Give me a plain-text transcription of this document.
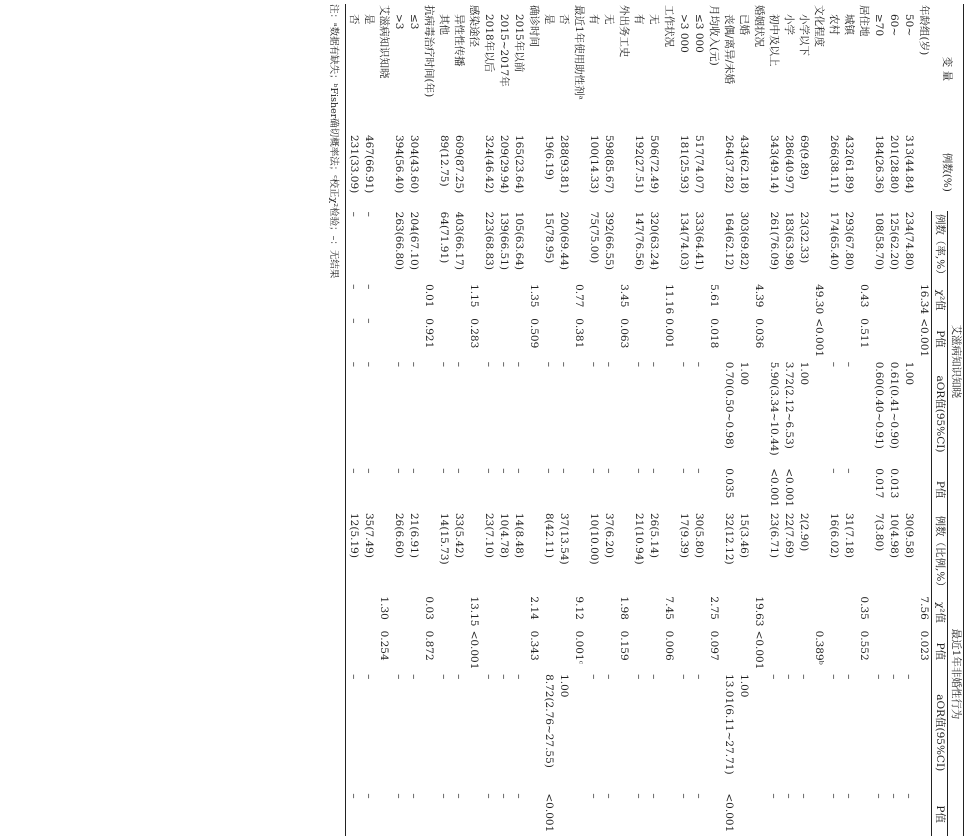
变 量	例数(%)	艾滋病知识知晓					最近1年非婚性行为				
		例数（率,%）	χ²值	P值	aOR值(95%CI)	P值	例数（比例,%）	χ²值	P值	aOR值(95%CI)	P值
年龄组(岁)			16.34	<0.001				7.56	0.023		
50~	313(44.84)	234(74.80)			1.00		30(9.58)			–	–
60~	201(28.80)	125(62.20)			0.61(0.41~0.90)	0.013	10(4.98)			–	–
≥70	184(26.36)	108(58.70)			0.60(0.40~0.91)	0.017	7(3.80)			–	–
居住地			0.43	0.511				0.35	0.552		
城镇	432(61.89)	293(67.80)			–	–	31(7.18)			–	–
农村	266(38.11)	174(65.40)			–	–	16(6.02)			–	–
文化程度			49.30	<0.001					0.389ᵇ		
小学以下	69(9.89)	23(32.33)			1.00		2(2.90)			–	–
小学	286(40.97)	183(63.98)			3.72(2.12~6.53)	<0.001	22(7.69)			–	–
初中及以上	343(49.14)	261(76.09)			5.90(3.34~10.44)	<0.001	23(6.71)			–	–
婚姻状况			4.39	0.036				19.63	<0.001		
已婚	434(62.18)	303(69.82)			1.00		15(3.46)			1.00	
丧偶/离异/未婚	264(37.82)	164(62.12)			0.70(0.50~0.98)	0.035	32(12.12)			13.01(6.11~27.71)	<0.001
月均收入(元)			5.61	0.018				2.75	0.097		
≤3 000	517(74.07)	333(64.41)			–	–	30(5.80)			–	–
>3 000	181(25.93)	134(74.03)			–	–	17(9.39)			–	–
工作状况			11.16	0.001				7.45	0.006		
无	506(72.49)	320(63.24)			–	–	26(5.14)			–	–
有	192(27.51)	147(76.56)			–	–	21(10.94)			–	–
外出务工史			3.45	0.063				1.98	0.159		
无	598(85.67)	392(66.55)			–	–	37(6.20)			–	–
有	100(14.33)	75(75.00)			–	–	10(10.00)			–	–
最近1年使用助性剂ᵃ			0.77	0.381				9.12	0.001ᶜ		
否	288(93.81)	200(69.44)			–	–	37(13.54)			1.00	
是	19(6.19)	15(78.95)			–	–	8(42.11)			8.72(2.76~27.55)	<0.001
确诊时间			1.35	0.509				2.14	0.343		
2015年以前	165(23.64)	105(63.64)			–	–	14(8.48)			–	–
2015~2017年	209(29.94)	139(66.51)			–	–	10(4.78)			–	–
2018年以后	324(46.42)	223(68.83)			–	–	23(7.10)			–	–
感染途径			1.15	0.283				13.15	<0.001		
异性性传播	609(87.25)	403(66.17)			–	–	33(5.42)			–	–
其他	89(12.75)	64(71.91)			–	–	14(15.73)			–	–
抗病毒治疗时间(年)			0.01	0.921				0.03	0.872		
≤3	304(43.60)	204(67.10)			–	–	21(6.91)			–	–
>3	394(56.40)	263(66.80)			–	–	26(6.60)			–	–
艾滋病知识知晓								1.30	0.254		
是	467(66.91)	–	–	–	–	–	35(7.49)			–	–
否	231(33.09)	–	–	–	–	–	12(5.19)			–	–
注：ᵃ数据有缺失；ᵇFisher确切概率法；ᶜ校正χ²检验；–：无结果
